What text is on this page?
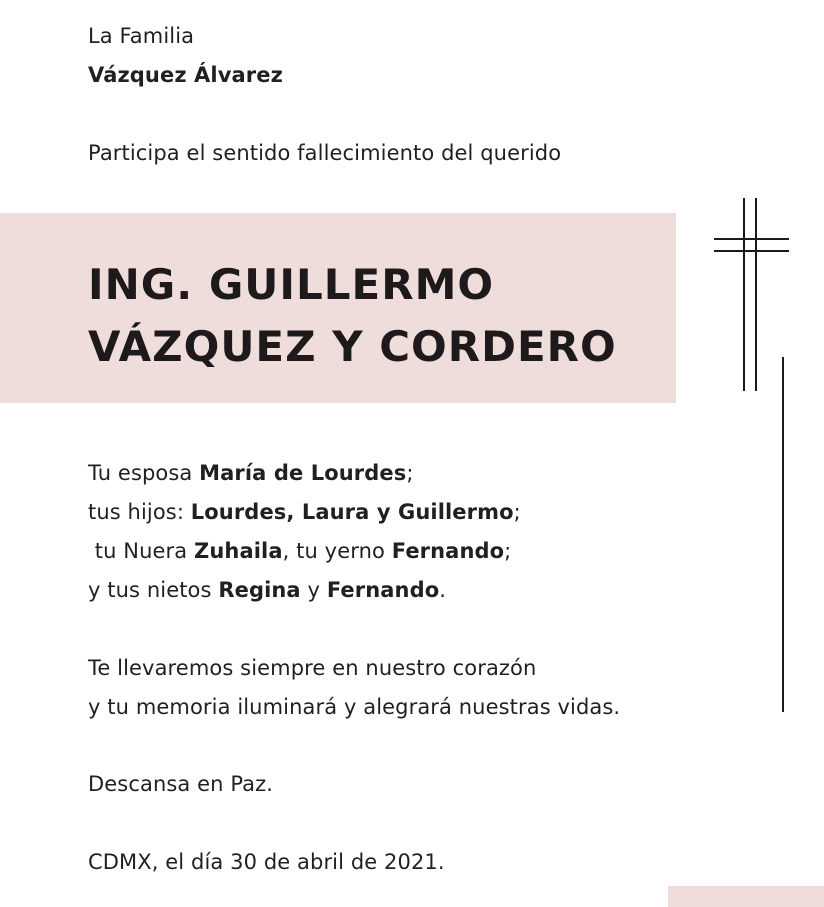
La Familia
Vázquez Álvarez
Participa el sentido fallecimiento del querido
ING. GUILLERMO
VÁZQUEZ Y CORDERO
Tu esposa María de Lourdes;
tus hijos: Lourdes, Laura y Guillermo;
tu Nuera Zuhaila, tu yerno Fernando;
y tus nietos Regina y Fernando.
Te llevaremos siempre en nuestro corazón
y tu memoria iluminará y alegrará nuestras vidas.
Descansa en Paz.
CDMX, el día 30 de abril de 2021.
